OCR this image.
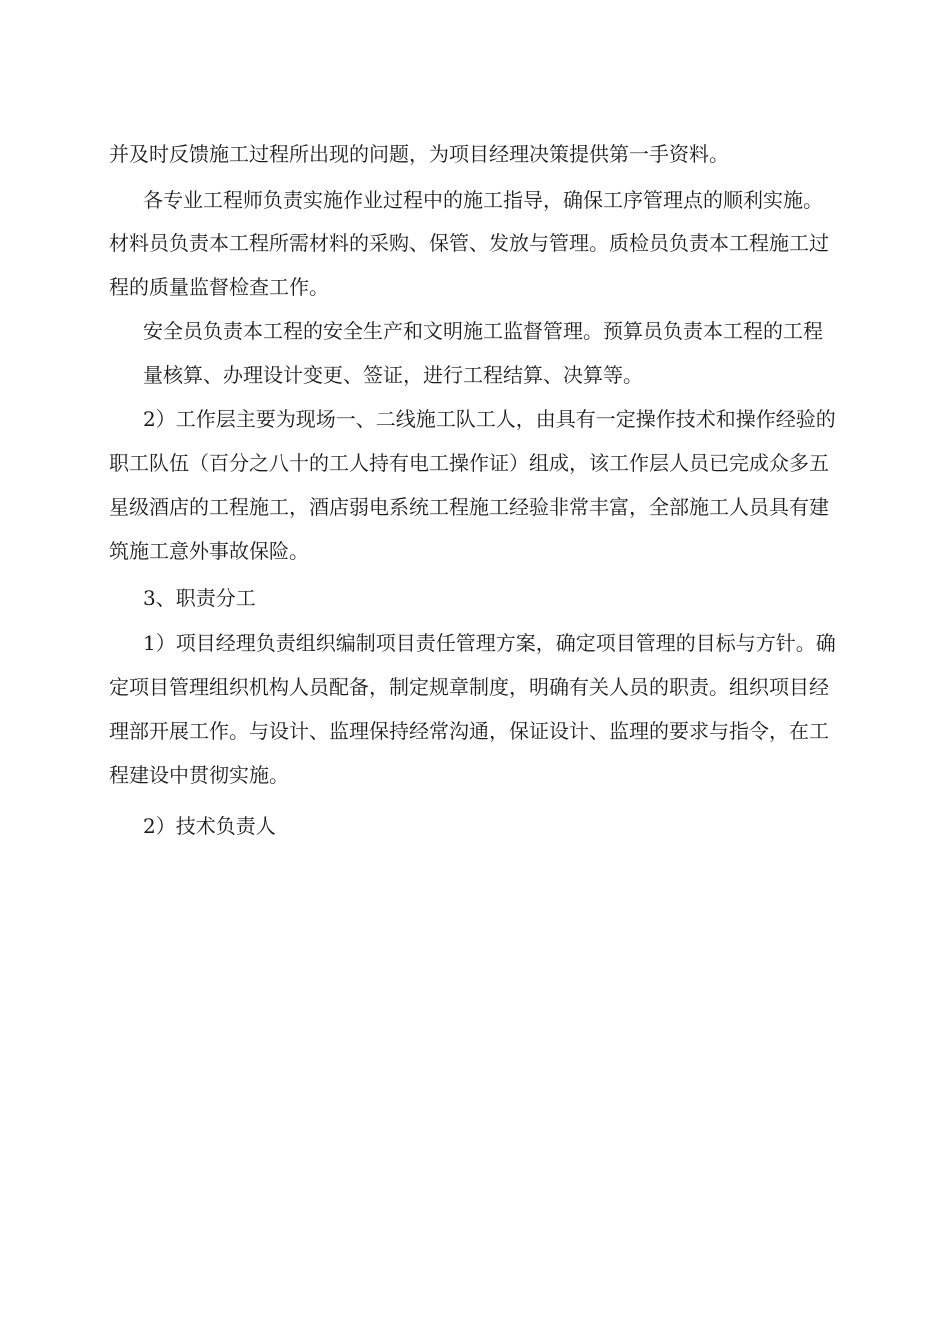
并及时反馈施工过程所出现的问题，为项目经理决策提供第一手资料。
各专业工程师负责实施作业过程中的施工指导，确保工序管理点的顺利实施。
材料员负责本工程所需材料的采购、保管、发放与管理。质检员负责本工程施工过
程的质量监督检查工作。
安全员负责本工程的安全生产和文明施工监督管理。预算员负责本工程的工程
量核算、办理设计变更、签证，进行工程结算、决算等。
2）工作层主要为现场一、二线施工队工人，由具有一定操作技术和操作经验的
职工队伍（百分之八十的工人持有电工操作证）组成，该工作层人员已完成众多五
星级酒店的工程施工，酒店弱电系统工程施工经验非常丰富，全部施工人员具有建
筑施工意外事故保险。
3、职责分工
1）项目经理负责组织编制项目责任管理方案，确定项目管理的目标与方针。确
定项目管理组织机构人员配备，制定规章制度，明确有关人员的职责。组织项目经
理部开展工作。与设计、监理保持经常沟通，保证设计、监理的要求与指令，在工
程建设中贯彻实施。
2）技术负责人
